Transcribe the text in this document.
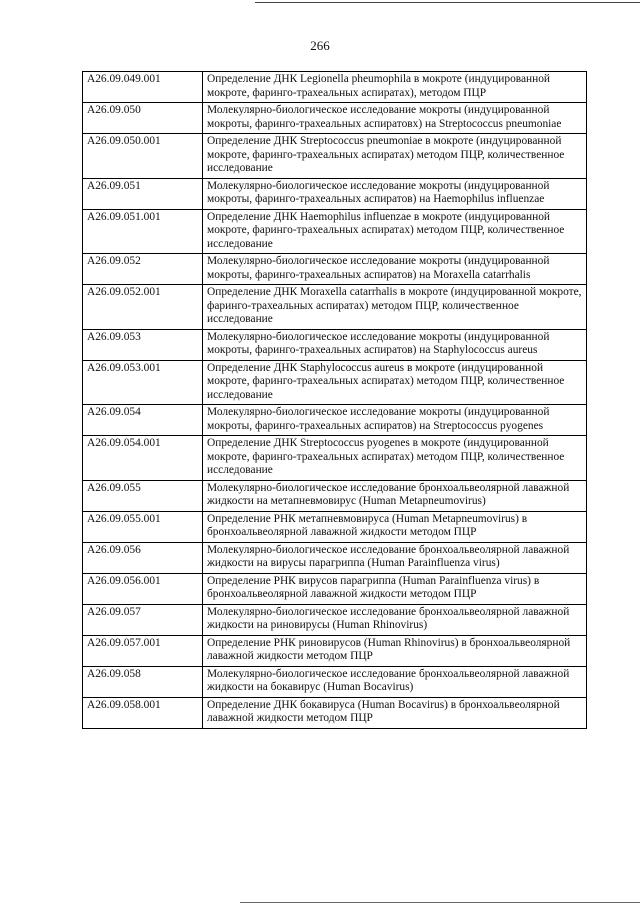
266
A26.09.049.001	Определение ДНК Legionella pheumophila в мокроте (индуцированной мокроте, фаринго-трахеальных аспиратах), методом ПЦР
A26.09.050	Молекулярно-биологическое исследование мокроты (индуцированной мокроты, фаринго-трахеальных аспиратовх) на Streptococcus pneumoniae
A26.09.050.001	Определение ДНК Streptococcus pneumoniae в мокроте (индуцированной мокроте, фаринго-трахеальных аспиратах) методом ПЦР, количественное исследование
A26.09.051	Молекулярно-биологическое исследование мокроты (индуцированной мокроты, фаринго-трахеальных аспиратов) на Haemophilus influenzae
A26.09.051.001	Определение ДНК Haemophilus influenzae в мокроте (индуцированной мокроте, фаринго-трахеальных аспиратах) методом ПЦР, количественное исследование
A26.09.052	Молекулярно-биологическое исследование мокроты (индуцированной мокроты, фаринго-трахеальных аспиратов) на Moraxella catarrhalis
A26.09.052.001	Определение ДНК Moraxella catarrhalis в мокроте (индуцированной мокроте, фаринго-трахеальных аспиратах) методом ПЦР, количественное исследование
A26.09.053	Молекулярно-биологическое исследование мокроты (индуцированной мокроты, фаринго-трахеальных аспиратов) на Staphylococcus aureus
A26.09.053.001	Определение ДНК Staphylococcus aureus в мокроте (индуцированной мокроте, фаринго-трахеальных аспиратах) методом ПЦР, количественное исследование
A26.09.054	Молекулярно-биологическое исследование мокроты (индуцированной мокроты, фаринго-трахеальных аспиратов) на Streptococcus pyogenes
A26.09.054.001	Определение ДНК Streptococcus pyogenes в мокроте (индуцированной мокроте, фаринго-трахеальных аспиратах) методом ПЦР, количественное исследование
A26.09.055	Молекулярно-биологическое исследование бронхоальвеолярной лаважной жидкости на метапневмовирус (Human Metapneumovirus)
A26.09.055.001	Определение РНК метапневмовируса (Human Metapneumovirus) в бронхоальвеолярной лаважной жидкости методом ПЦР
A26.09.056	Молекулярно-биологическое исследование бронхоальвеолярной лаважной жидкости на вирусы парагриппа (Human Parainfluenza virus)
A26.09.056.001	Определение РНК вирусов парагриппа (Human Parainfluenza virus) в бронхоальвеолярной лаважной жидкости методом ПЦР
A26.09.057	Молекулярно-биологическое исследование бронхоальвеолярной лаважной жидкости на риновирусы (Human Rhinovirus)
A26.09.057.001	Определение РНК риновирусов (Human Rhinovirus) в бронхоальвеолярной лаважной жидкости методом ПЦР
A26.09.058	Молекулярно-биологическое исследование бронхоальвеолярной лаважной жидкости на бокавирус (Human Bocavirus)
A26.09.058.001	Определение ДНК бокавируса (Human Bocavirus) в бронхоальвеолярной лаважной жидкости методом ПЦР
